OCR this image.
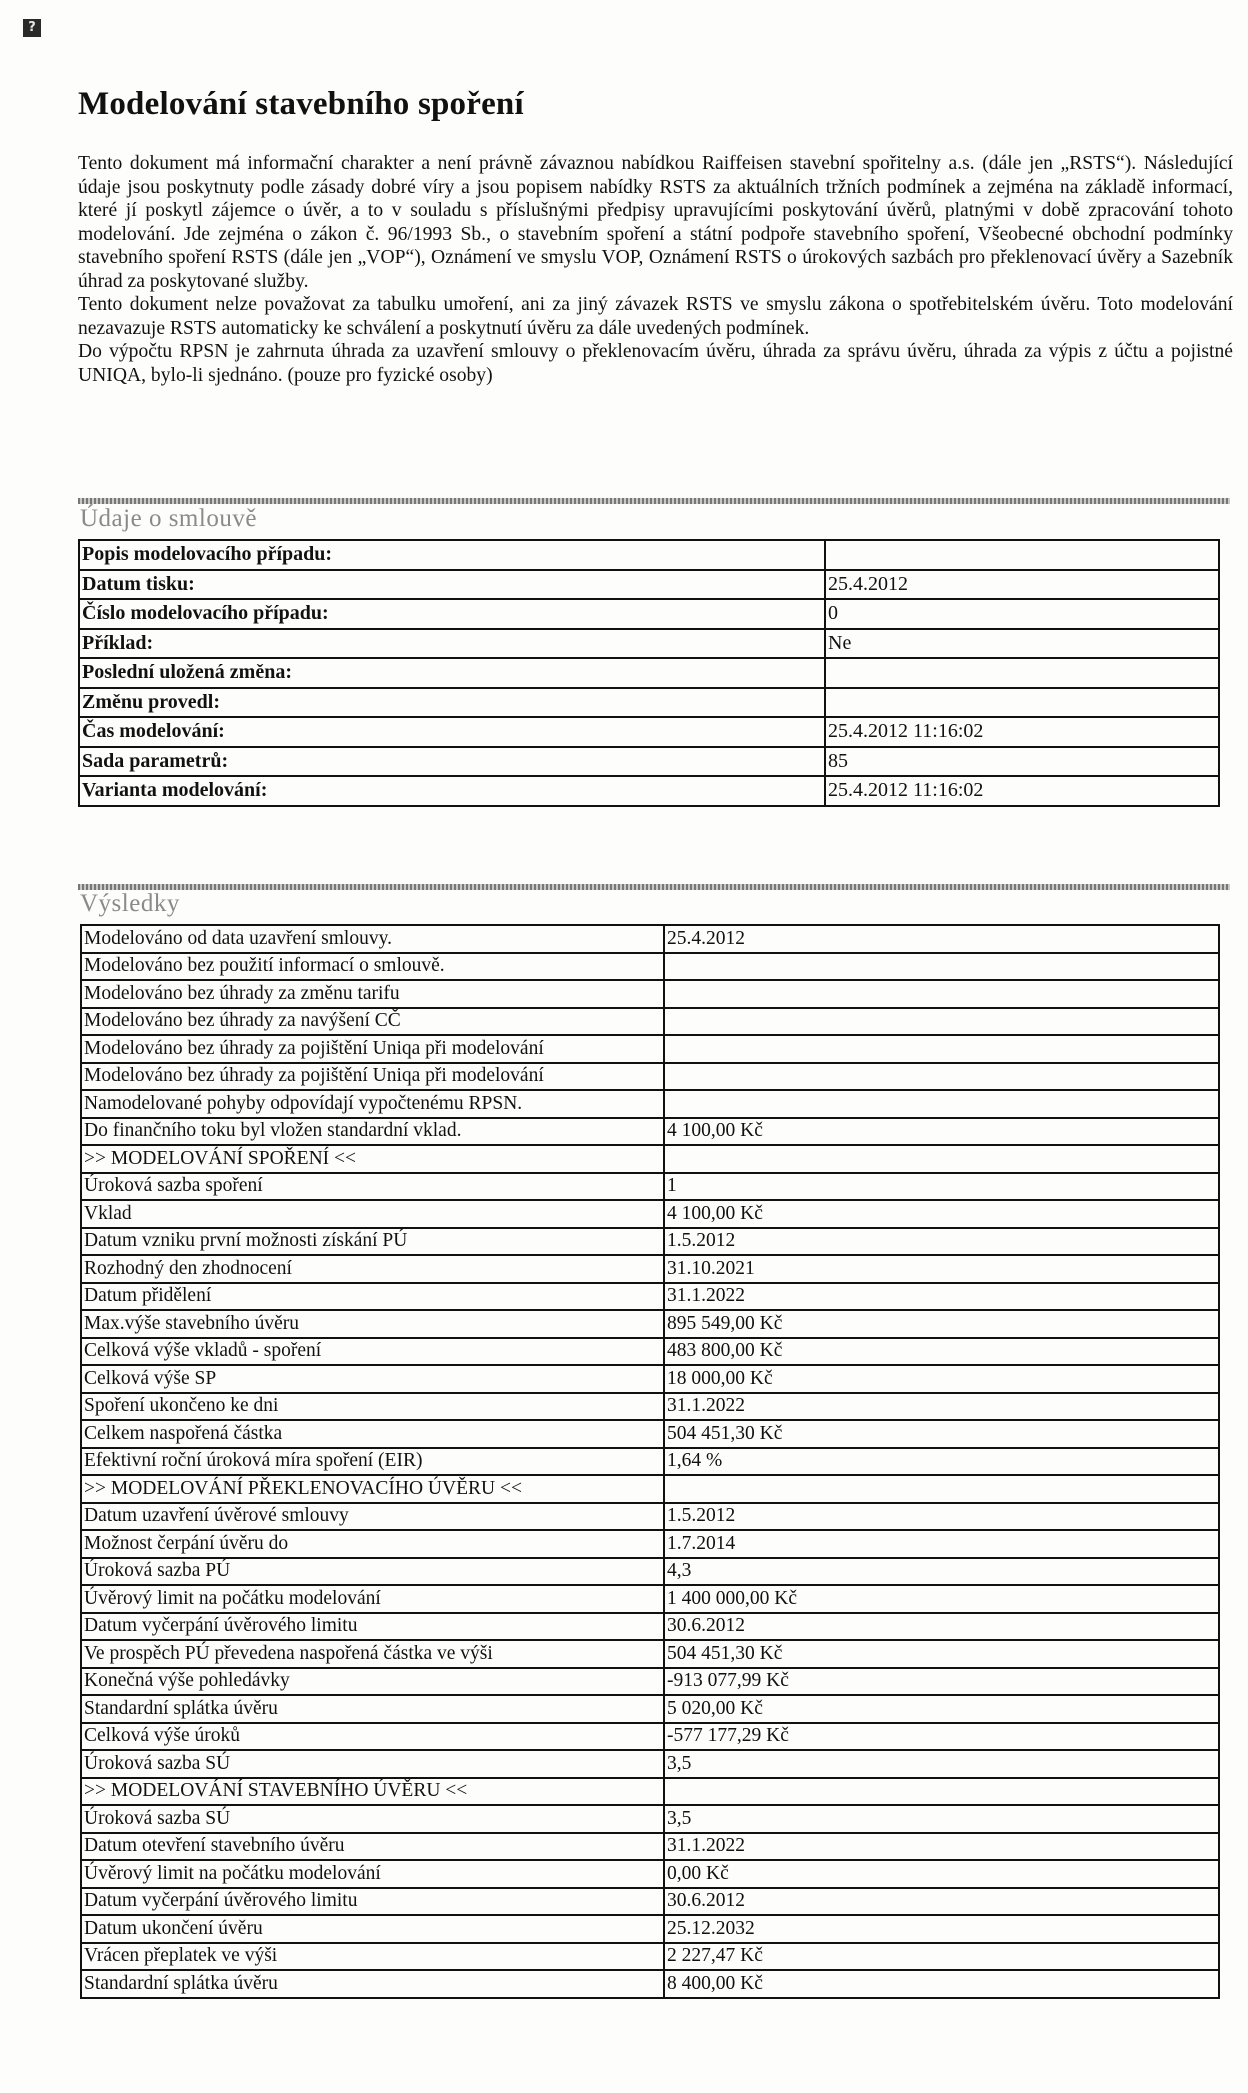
?
Modelování stavebního spoření

Tento dokument má informační charakter a není právně závaznou nabídkou Raiffeisen stavební spořitelny a.s. (dále jen „RSTS“). Následující údaje jsou poskytnuty podle zásady dobré víry a jsou popisem nabídky RSTS za aktuálních tržních podmínek a zejména na základě informací, které jí poskytl zájemce o úvěr, a to v souladu s příslušnými předpisy upravujícími poskytování úvěrů, platnými v době zpracování tohoto modelování. Jde zejména o zákon č. 96/1993 Sb., o stavebním spoření a státní podpoře stavebního spoření, Všeobecné obchodní podmínky stavebního spoření RSTS (dále jen „VOP“), Oznámení ve smyslu VOP, Oznámení RSTS o úrokových sazbách pro překlenovací úvěry a Sazebník úhrad za poskytované služby.

Tento dokument nelze považovat za tabulku umoření, ani za jiný závazek RSTS ve smyslu zákona o spotřebitelském úvěru. Toto modelování nezavazuje RSTS automaticky ke schválení a poskytnutí úvěru za dále uvedených podmínek.

Do výpočtu RPSN je zahrnuta úhrada za uzavření smlouvy o překlenovacím úvěru, úhrada za správu úvěru, úhrada za výpis z účtu a pojistné UNIQA, bylo-li sjednáno. (pouze pro fyzické osoby)

Údaje o smlouvě
Popis modelovacího případu:	
Datum tisku:	25.4.2012
Číslo modelovacího případu:	0
Příklad:	Ne
Poslední uložená změna:	
Změnu provedl:	
Čas modelování:	25.4.2012 11:16:02
Sada parametrů:	85
Varianta modelování:	25.4.2012 11:16:02
Výsledky
Modelováno od data uzavření smlouvy.	25.4.2012
Modelováno bez použití informací o smlouvě.	
Modelováno bez úhrady za změnu tarifu	
Modelováno bez úhrady za navýšení CČ	
Modelováno bez úhrady za pojištění Uniqa při modelování	
Modelováno bez úhrady za pojištění Uniqa při modelování	
Namodelované pohyby odpovídají vypočtenému RPSN.	
Do finančního toku byl vložen standardní vklad.	4 100,00 Kč
>> MODELOVÁNÍ SPOŘENÍ <<	
Úroková sazba spoření	1
Vklad	4 100,00 Kč
Datum vzniku první možnosti získání PÚ	1.5.2012
Rozhodný den zhodnocení	31.10.2021
Datum přidělení	31.1.2022
Max.výše stavebního úvěru	895 549,00 Kč
Celková výše vkladů - spoření	483 800,00 Kč
Celková výše SP	18 000,00 Kč
Spoření ukončeno ke dni	31.1.2022
Celkem naspořená částka	504 451,30 Kč
Efektivní roční úroková míra spoření (EIR)	1,64 %
>> MODELOVÁNÍ PŘEKLENOVACÍHO ÚVĚRU <<	
Datum uzavření úvěrové smlouvy	1.5.2012
Možnost čerpání úvěru do	1.7.2014
Úroková sazba PÚ	4,3
Úvěrový limit na počátku modelování	1 400 000,00 Kč
Datum vyčerpání úvěrového limitu	30.6.2012
Ve prospěch PÚ převedena naspořená částka ve výši	504 451,30 Kč
Konečná výše pohledávky	-913 077,99 Kč
Standardní splátka úvěru	5 020,00 Kč
Celková výše úroků	-577 177,29 Kč
Úroková sazba SÚ	3,5
>> MODELOVÁNÍ STAVEBNÍHO ÚVĚRU <<	
Úroková sazba SÚ	3,5
Datum otevření stavebního úvěru	31.1.2022
Úvěrový limit na počátku modelování	0,00 Kč
Datum vyčerpání úvěrového limitu	30.6.2012
Datum ukončení úvěru	25.12.2032
Vrácen přeplatek ve výši	2 227,47 Kč
Standardní splátka úvěru	8 400,00 Kč
